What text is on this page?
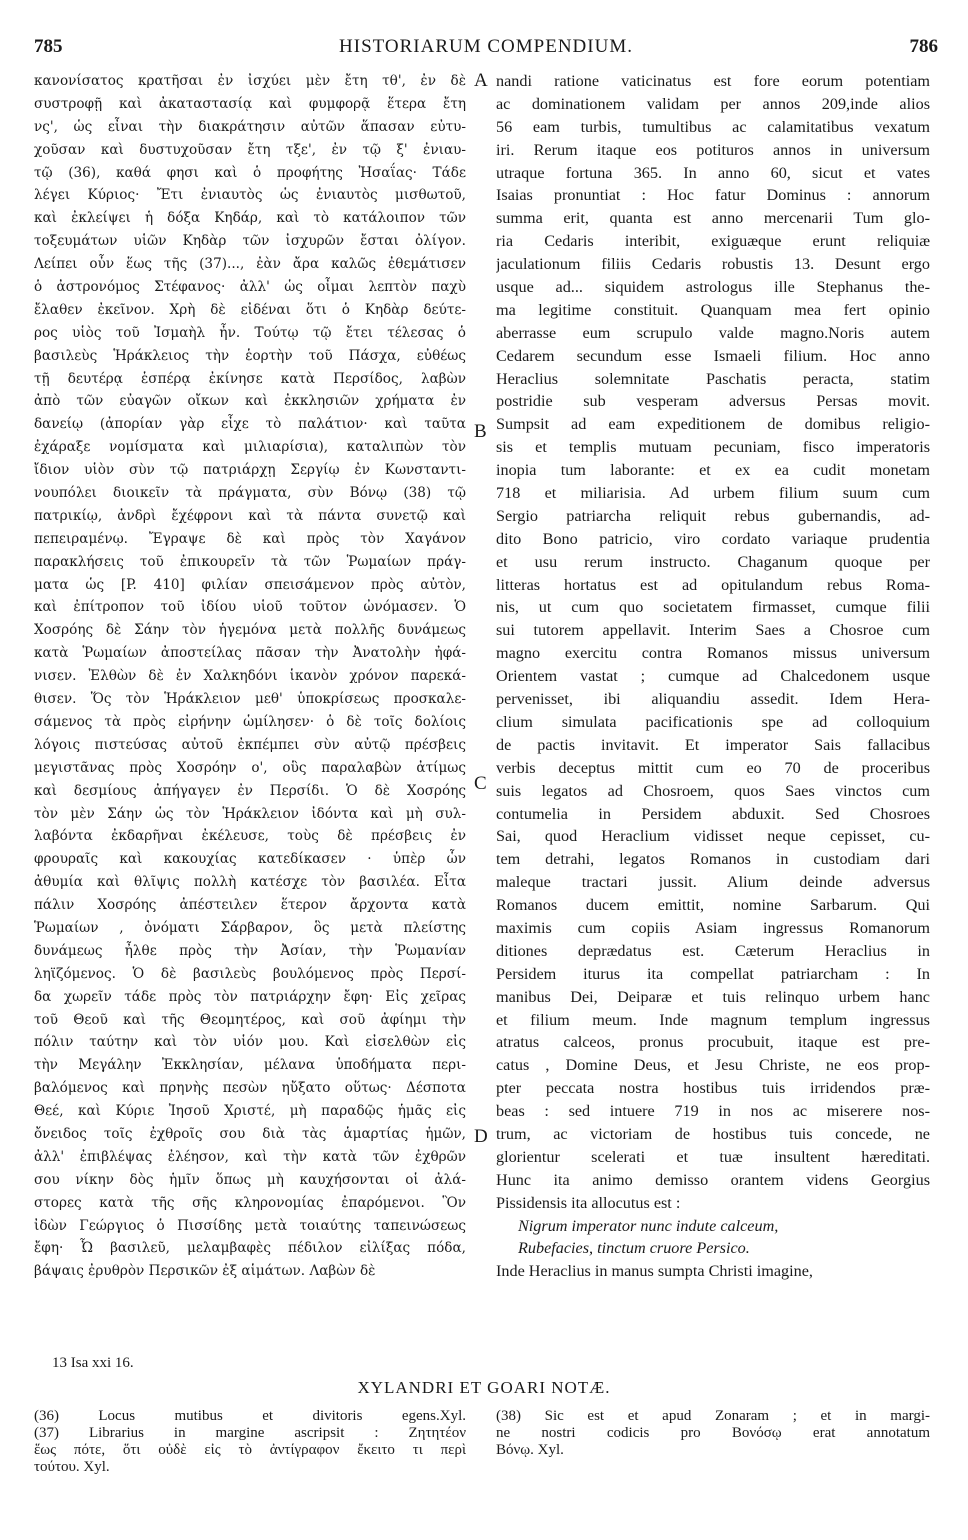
785	HISTORIARUM COMPENDIUM.	786
κανονίσατος κρατῆσαι ἐν ἰσχύει μὲν ἔτη τθ', ἐν δὲ
συστροφῇ καὶ ἀκαταστασίᾳ καὶ φυμφορᾷ ἕτερα ἔτη
νς', ὡς εἶναι τὴν διακράτησιν αὐτῶν ἅπασαν εὐτυ-
χοῦσαν καὶ δυστυχοῦσαν ἔτη τξε', ἐν τῷ ξ' ἐνιαυ-
τῷ (36), καθά φησι καὶ ὁ προφήτης Ἠσαΐας· Τάδε
λέγει Κύριος· Ἔτι ἐνιαυτὸς ὡς ἐνιαυτὸς μισθωτοῦ,
καὶ ἐκλείψει ἡ δόξα Κηδάρ, καὶ τὸ κατάλοιπον τῶν
τοξευμάτων υἱῶν Κηδὰρ τῶν ἰσχυρῶν ἔσται ὀλίγον.
Λείπει οὖν ἕως τῆς (37)..., ἐὰν ἄρα καλῶς ἐθεμάτισεν
ὁ ἀστρονόμος Στέφανος· ἀλλ' ὡς οἶμαι λεπτὸν παχὺ
ἔλαθεν ἐκεῖνον. Χρὴ δὲ εἰδέναι ὅτι ὁ Κηδὰρ δεύτε-
ρος υἱὸς τοῦ Ἰσμαὴλ ἦν. Τούτῳ τῷ ἔτει τέλεσας ὁ
βασιλεὺς Ἡράκλειος τὴν ἑορτὴν τοῦ Πάσχα, εὐθέως
τῇ δευτέρᾳ ἑσπέρᾳ ἐκίνησε κατὰ Περσίδος, λαβὼν
ἀπὸ τῶν εὐαγῶν οἴκων καὶ ἐκκλησιῶν χρήματα ἐν
δανείῳ (ἀπορίαν γὰρ εἶχε τὸ παλάτιον· καὶ ταῦτα
ἐχάραξε νομίσματα καὶ μιλιαρίσια), καταλιπὼν τὸν
ἴδιον υἱὸν σὺν τῷ πατριάρχῃ Σεργίῳ ἐν Κωνσταντι-
νουπόλει διοικεῖν τὰ πράγματα, σὺν Βόνῳ (38) τῷ
πατρικίῳ, ἀνδρὶ ἔχέφρονι καὶ τὰ πάντα συνετῷ καὶ
πεπειραμένῳ. Ἔγραψε δὲ καὶ πρὸς τὸν Χαγάνον
παρακλήσεις τοῦ ἐπικουρεῖν τὰ τῶν Ῥωμαίων πράγ-
ματα ὡς [P. 410] φιλίαν σπεισάμενον πρὸς αὐτὸν,
καὶ ἐπίτροπον τοῦ ἰδίου υἱοῦ τοῦτον ὠνόμασεν. Ὁ
Χοσρόης δὲ Σάην τὸν ἡγεμόνα μετὰ πολλῆς δυνάμεως
κατὰ Ῥωμαίων ἀποστείλας πᾶσαν τὴν Ἀνατολὴν ἠφά-
νισεν. Ἐλθὼν δὲ ἐν Χαλκηδόνι ἱκανὸν χρόνον παρεκά-
θισεν. Ὅς τὸν Ἡράκλειον μεθ' ὑποκρίσεως προσκαλε-
σάμενος τὰ πρὸς εἰρήνην ὡμίλησεν· ὁ δὲ τοῖς δολίοις
λόγοις πιστεύσας αὐτοῦ ἐκπέμπει σὺν αὐτῷ πρέσβεις
μεγιστᾶνας πρὸς Χοσρόην ο', οὓς παραλαβὼν ἀτίμως
καὶ δεσμίους ἀπήγαγεν ἐν Περσίδι. Ὁ δὲ Χοσρόης
τὸν μὲν Σάην ὡς τὸν Ἡράκλειον ἰδόντα καὶ μὴ συλ-
λαβόντα ἐκδαρῆναι ἐκέλευσε, τοὺς δὲ πρέσβεις ἐν
φρουραῖς καὶ κακουχίας κατεδίκασεν · ὑπὲρ ὧν
ἀθυμία καὶ θλῖψις πολλὴ κατέσχε τὸν βασιλέα. Εἶτα
πάλιν Χοσρόης ἀπέστειλεν ἕτερον ἄρχοντα κατὰ
Ῥωμαίων , ὀνόματι Σάρβαρον, ὃς μετὰ πλείστης
δυνάμεως ἦλθε πρὸς τὴν Ἀσίαν, τὴν Ῥωμανίαν
ληϊζόμενος. Ὁ δὲ βασιλεὺς βουλόμενος πρὸς Περσί-
δα χωρεῖν τάδε πρὸς τὸν πατριάρχην ἔφη· Εἰς χεῖρας
τοῦ Θεοῦ καὶ τῆς Θεομητέρος, καὶ σοῦ ἀφίημι τὴν
πόλιν ταύτην καὶ τὸν υἱόν μου. Καὶ εἰσελθὼν εἰς
τὴν Μεγάλην Ἐκκλησίαν, μέλανα ὑποδήματα περι-
βαλόμενος καὶ πρηνὴς πεσὼν ηὔξατο οὕτως· Δέσποτα
Θεέ, καὶ Κύριε Ἰησοῦ Χριστέ, μὴ παραδῷς ἡμᾶς εἰς
ὄνειδος τοῖς ἐχθροῖς σου διὰ τὰς ἁμαρτίας ἡμῶν,
ἀλλ' ἐπιβλέψας ἐλέησον, καὶ τὴν κατὰ τῶν ἐχθρῶν
σου νίκην δὸς ἡμῖν ὅπως μὴ καυχήσονται οἱ ἀλά-
στορες κατὰ τῆς σῆς κληρονομίας ἐπαρόμενοι. Ὃν
ἰδὼν Γεώργιος ὁ Πισσίδης μετὰ τοιαύτης ταπεινώσεως
ἔφη· Ὦ βασιλεῦ, μελαμβαφὲς πέδιλον εἰλίξας πόδα,
βάψαις ἐρυθρὸν Περσικῶν ἐξ αἱμάτων. Λαβὼν δὲ
nandi ratione vaticinatus est fore eorum potentiam
ac dominationem validam per annos 209,inde alios
56 eam turbis, tumultibus ac calamitatibus vexatum
iri. Rerum itaque eos potituros annos in universum
utraque fortuna 365. In anno 60, sicut et vates
Isaias pronuntiat : Hoc fatur Dominus : annorum
summa erit, quanta est anno mercenarii Tum glo-
ria Cedaris interibit, exiguæque erunt reliquiæ
jaculationum filiis Cedaris robustis 13. Desunt ergo
usque ad... siquidem astrologus ille Stephanus the-
ma legitime constituit. Quanquam mea fert opinio
aberrasse eum scrupulo valde magno.Noris autem
Cedarem secundum esse Ismaeli filium. Hoc anno
Heraclius solemnitate Paschatis peracta, statim
postridie sub vesperam adversus Persas movit.
Sumpsit ad eam expeditionem de domibus religio-
sis et templis mutuam pecuniam, fisco imperatoris
inopia tum laborante: et ex ea cudit monetam
718 et miliarisia. Ad urbem filium suum cum
Sergio patriarcha reliquit rebus gubernandis, ad-
dito Bono patricio, viro cordato variaque prudentia
et usu rerum instructo. Chaganum quoque per
litteras hortatus est ad opitulandum rebus Roma-
nis, ut cum quo societatem firmasset, cumque filii
sui tutorem appellavit. Interim Saes a Chosroe cum
magno exercitu contra Romanos missus universum
Orientem vastat ; cumque ad Chalcedonem usque
pervenisset, ibi aliquandiu assedit. Idem Hera-
clium simulata pacificationis spe ad colloquium
de pactis invitavit. Et imperator Sais fallacibus
verbis deceptus mittit cum eo 70 de proceribus
suis legatos ad Chosroem, quos Saes vinctos cum
contumelia in Persidem abduxit. Sed Chosroes
Sai, quod Heraclium vidisset neque cepisset, cu-
tem detrahi, legatos Romanos in custodiam dari
maleque tractari jussit. Alium deinde adversus
Romanos ducem emittit, nomine Sarbarum. Qui
maximis cum copiis Asiam ingressus Romanorum
ditiones deprædatus est. Cæterum Heraclius in
Persidem iturus ita compellat patriarcham : In
manibus Dei, Deiparæ et tuis relinquo urbem hanc
et filium meum. Inde magnum templum ingressus
atratus calceos, pronus procubuit, itaque est pre-
catus , Domine Deus, et Jesu Christe, ne eos prop-
pter peccata nostra hostibus tuis irridendos præ-
beas : sed intuere 719 in nos ac miserere nos-
trum, ac victoriam de hostibus tuis concede, ne
glorientur scelerati et tuæ insultent hæreditati.
Hunc ita animo demisso orantem videns Georgius
Pissidensis ita allocutus est :
Nigrum imperator nunc indute calceum,
Rubefacies, tinctum cruore Persico.
Inde Heraclius in manus sumpta Christi imagine,
A
B
C
D
13 Isa xxi 16.
XYLANDRI ET GOARI NOTÆ.
(36) Locus mutibus et divitoris egens.Xyl.
(37) Librarius in margine ascripsit : Ζητητέον
ἕως πότε, ὅτι οὐδὲ εἰς τὸ ἀντίγραφον ἔκειτο τι περὶ
τούτου. Xyl.
(38) Sic est et apud Zonaram ; et in margi-
ne nostri codicis pro Βονόσῳ erat annotatum
Βόνῳ. Xyl.
